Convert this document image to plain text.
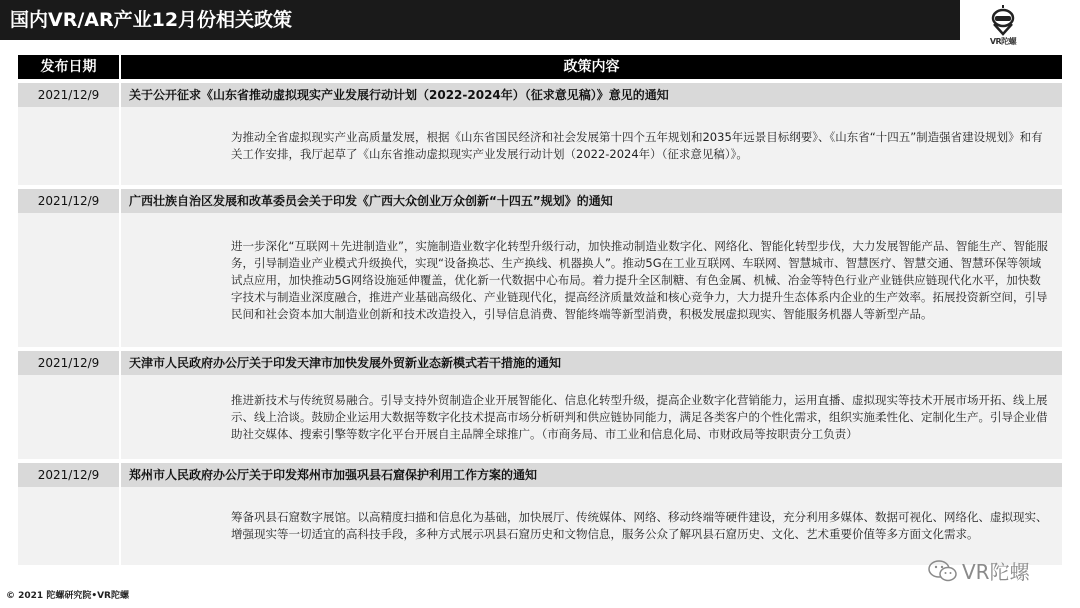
国内VR/AR产业12月份相关政策
VR陀螺
发布日期	政策内容
2021/12/9	关于公开征求《山东省推动虚拟现实产业发展行动计划（2022-2024年）（征求意见稿）》意见的通知

为推动全省虚拟现实产业高质量发展，根据《山东省国民经济和社会发展第十四个五年规划和2035年远景目标纲要》、《山东省“十四五”制造强省建设规划》和有关工作安排，我厅起草了《山东省推动虚拟现实产业发展行动计划（2022-2024年）（征求意见稿）》。

2021/12/9	广西壮族自治区发展和改革委员会关于印发《广西大众创业万众创新“十四五”规划》的通知

进一步深化“互联网＋先进制造业”，实施制造业数字化转型升级行动，加快推动制造业数字化、网络化、智能化转型步伐，大力发展智能产品、智能生产、智能服务，引导制造业产业模式升级换代，实现“设备换芯、生产换线、机器换人”。推动5G在工业互联网、车联网、智慧城市、智慧医疗、智慧交通、智慧环保等领域试点应用，加快推动5G网络设施延伸覆盖，优化新一代数据中心布局。着力提升全区制糖、有色金属、机械、冶金等特色行业产业链供应链现代化水平，加快数字技术与制造业深度融合，推进产业基础高级化、产业链现代化，提高经济质量效益和核心竞争力，大力提升生态体系内企业的生产效率。拓展投资新空间，引导民间和社会资本加大制造业创新和技术改造投入，引导信息消费、智能终端等新型消费，积极发展虚拟现实、智能服务机器人等新型产品。

2021/12/9	天津市人民政府办公厅关于印发天津市加快发展外贸新业态新模式若干措施的通知

推进新技术与传统贸易融合。引导支持外贸制造企业开展智能化、信息化转型升级，提高企业数字化营销能力，运用直播、虚拟现实等技术开展市场开拓、线上展示、线上洽谈。鼓励企业运用大数据等数字化技术提高市场分析研判和供应链协同能力，满足各类客户的个性化需求，组织实施柔性化、定制化生产。引导企业借助社交媒体、搜索引擎等数字化平台开展自主品牌全球推广。（市商务局、市工业和信息化局、市财政局等按职责分工负责）

2021/12/9	郑州市人民政府办公厅关于印发郑州市加强巩县石窟保护利用工作方案的通知

筹备巩县石窟数字展馆。以高精度扫描和信息化为基础，加快展厅、传统媒体、网络、移动终端等硬件建设，充分利用多媒体、数据可视化、网络化、虚拟现实、增强现实等一切适宜的高科技手段，多种方式展示巩县石窟历史和文物信息，服务公众了解巩县石窟历史、文化、艺术重要价值等多方面文化需求。

© 2021 陀螺研究院•VR陀螺
VR陀螺
